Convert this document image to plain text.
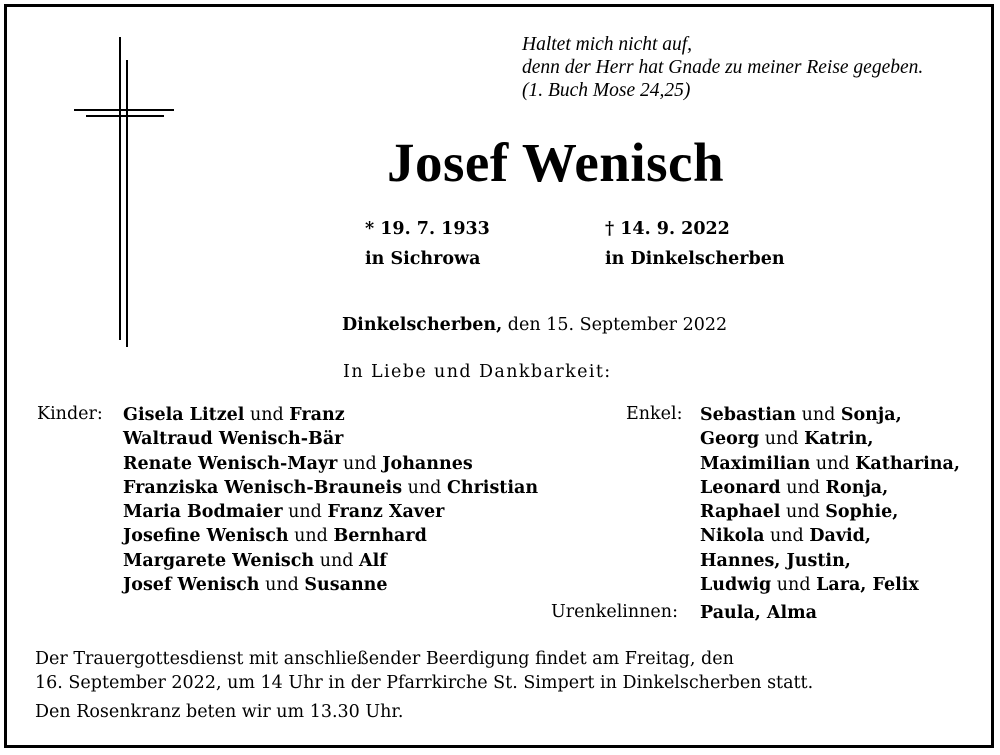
Haltet mich nicht auf,
denn der Herr hat Gnade zu meiner Reise gegeben.
(1. Buch Mose 24,25)
Josef Wenisch
* 19. 7. 1933
in Sichrowa
† 14. 9. 2022
in Dinkelscherben
Dinkelscherben, den 15. September 2022
In Liebe und Dankbarkeit:
Kinder: Gisela Litzel und Franz
Waltraud Wenisch-Bär
Renate Wenisch-Mayr und Johannes
Franziska Wenisch-Brauneis und Christian
Maria Bodmaier und Franz Xaver
Josefine Wenisch und Bernhard
Margarete Wenisch und Alf
Josef Wenisch und Susanne
Enkel: Sebastian und Sonja,
Georg und Katrin,
Maximilian und Katharina,
Leonard und Ronja,
Raphael und Sophie,
Nikola und David,
Hannes, Justin,
Ludwig und Lara, Felix
Urenkelinnen: Paula, Alma
Der Trauergottesdienst mit anschließender Beerdigung findet am Freitag, den
16. September 2022, um 14 Uhr in der Pfarrkirche St. Simpert in Dinkelscherben statt.
Den Rosenkranz beten wir um 13.30 Uhr.
